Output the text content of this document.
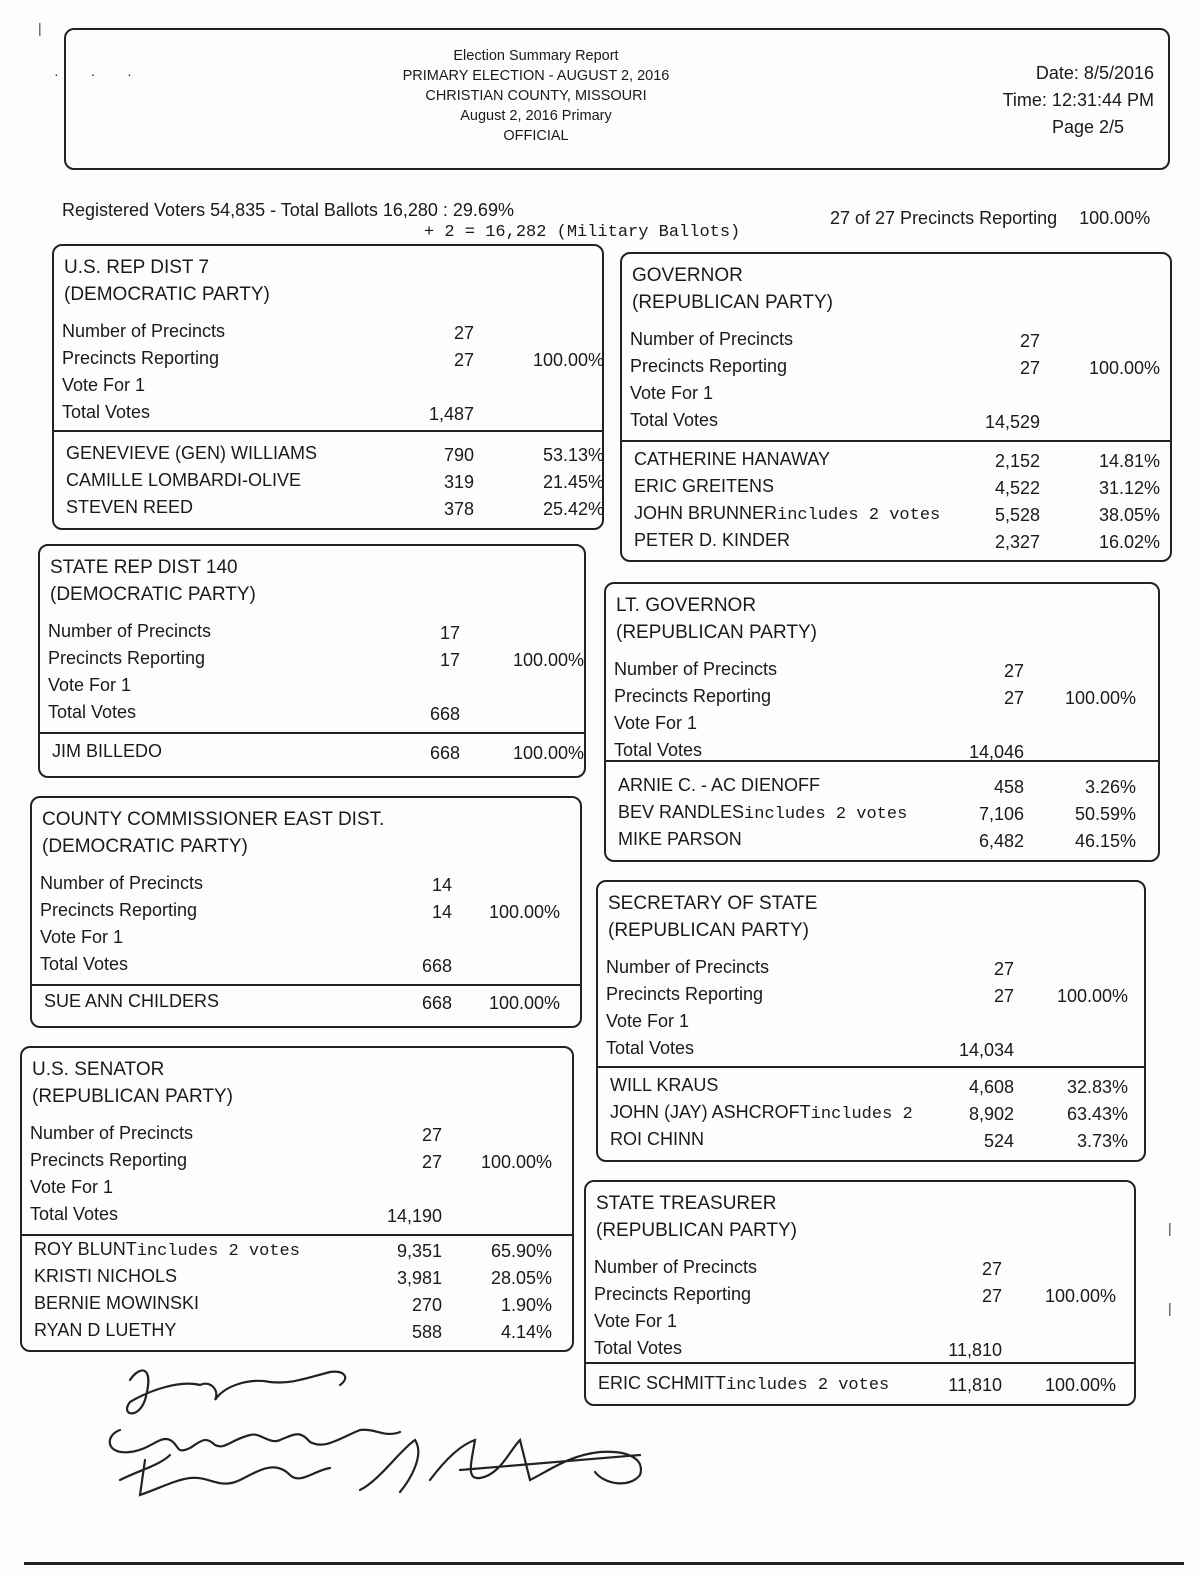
Election Summary Report
PRIMARY ELECTION - AUGUST 2, 2016
CHRISTIAN COUNTY, MISSOURI
August 2, 2016 Primary
OFFICIAL
Date: 8/5/2016
Time: 12:31:44 PM
Page 2/5
· · ·
Registered Voters 54,835 - Total Ballots 16,280 : 29.69%
+ 2 = 16,282 (Military Ballots)
27 of 27 Precincts Reporting 100.00%
U.S. REP DIST 7
(DEMOCRATIC PARTY)
Number of Precincts	27
Precincts Reporting	27	100.00%
Vote For 1
Total Votes	1,487
GENEVIEVE (GEN) WILLIAMS	790	53.13%
CAMILLE LOMBARDI-OLIVE	319	21.45%
STEVEN REED	378	25.42%
STATE REP DIST 140
(DEMOCRATIC PARTY)
Number of Precincts	17
Precincts Reporting	17	100.00%
Vote For 1
Total Votes	668
JIM BILLEDO	668	100.00%
COUNTY COMMISSIONER EAST DIST.
(DEMOCRATIC PARTY)
Number of Precincts	14
Precincts Reporting	14	100.00%
Vote For 1
Total Votes	668
SUE ANN CHILDERS	668	100.00%
U.S. SENATOR
(REPUBLICAN PARTY)
Number of Precincts	27
Precincts Reporting	27	100.00%
Vote For 1
Total Votes	14,190
ROY BLUNTincludes 2 votes	9,351	65.90%
KRISTI NICHOLS	3,981	28.05%
BERNIE MOWINSKI	270	1.90%
RYAN D LUETHY	588	4.14%
GOVERNOR
(REPUBLICAN PARTY)
Number of Precincts	27
Precincts Reporting	27	100.00%
Vote For 1
Total Votes	14,529
CATHERINE HANAWAY	2,152	14.81%
ERIC GREITENS	4,522	31.12%
JOHN BRUNNERincludes 2 votes	5,528	38.05%
PETER D. KINDER	2,327	16.02%
LT. GOVERNOR
(REPUBLICAN PARTY)
Number of Precincts	27
Precincts Reporting	27	100.00%
Vote For 1
Total Votes	14,046
ARNIE C. - AC DIENOFF	458	3.26%
BEV RANDLESincludes 2 votes	7,106	50.59%
MIKE PARSON	6,482	46.15%
SECRETARY OF STATE
(REPUBLICAN PARTY)
Number of Precincts	27
Precincts Reporting	27	100.00%
Vote For 1
Total Votes	14,034
WILL KRAUS	4,608	32.83%
JOHN (JAY) ASHCROFTincludes 2	8,902	63.43%
ROI CHINN	524	3.73%
STATE TREASURER
(REPUBLICAN PARTY)
Number of Precincts	27
Precincts Reporting	27	100.00%
Vote For 1
Total Votes	11,810
ERIC SCHMITTincludes 2 votes	11,810	100.00%
|
|
|
